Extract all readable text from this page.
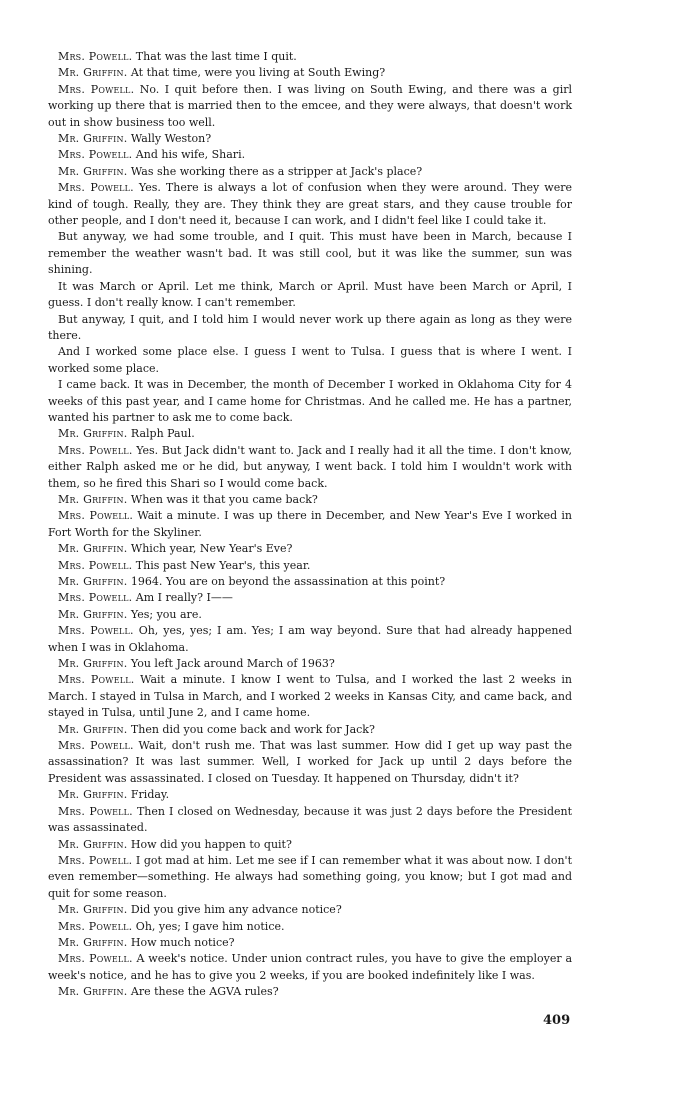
Mrs. Powell. That was the last time I quit.

Mr. Griffin. At that time, were you living at South Ewing?

Mrs. Powell. No. I quit before then. I was living on South Ewing, and there was a girl working up there that is married then to the emcee, and they were always, that doesn't work out in show business too well.

Mr. Griffin. Wally Weston?

Mrs. Powell. And his wife, Shari.

Mr. Griffin. Was she working there as a stripper at Jack's place?

Mrs. Powell. Yes. There is always a lot of confusion when they were around. They were kind of tough. Really, they are. They think they are great stars, and they cause trouble for other people, and I don't need it, because I can work, and I didn't feel like I could take it.

But anyway, we had some trouble, and I quit. This must have been in March, because I remember the weather wasn't bad. It was still cool, but it was like the summer, sun was shining.

It was March or April. Let me think, March or April. Must have been March or April, I guess. I don't really know. I can't remember.

But anyway, I quit, and I told him I would never work up there again as long as they were there.

And I worked some place else. I guess I went to Tulsa. I guess that is where I went. I worked some place.

I came back. It was in December, the month of December I worked in Oklahoma City for 4 weeks of this past year, and I came home for Christmas. And he called me. He has a partner, wanted his partner to ask me to come back.

Mr. Griffin. Ralph Paul.

Mrs. Powell. Yes. But Jack didn't want to. Jack and I really had it all the time. I don't know, either Ralph asked me or he did, but anyway, I went back. I told him I wouldn't work with them, so he fired this Shari so I would come back.

Mr. Griffin. When was it that you came back?

Mrs. Powell. Wait a minute. I was up there in December, and New Year's Eve I worked in Fort Worth for the Skyliner.

Mr. Griffin. Which year, New Year's Eve?

Mrs. Powell. This past New Year's, this year.

Mr. Griffin. 1964. You are on beyond the assassination at this point?

Mrs. Powell. Am I really? I——

Mr. Griffin. Yes; you are.

Mrs. Powell. Oh, yes, yes; I am. Yes; I am way beyond. Sure that had already happened when I was in Oklahoma.

Mr. Griffin. You left Jack around March of 1963?

Mrs. Powell. Wait a minute. I know I went to Tulsa, and I worked the last 2 weeks in March. I stayed in Tulsa in March, and I worked 2 weeks in Kansas City, and came back, and stayed in Tulsa, until June 2, and I came home.

Mr. Griffin. Then did you come back and work for Jack?

Mrs. Powell. Wait, don't rush me. That was last summer. How did I get up way past the assassination? It was last summer. Well, I worked for Jack up until 2 days before the President was assassinated. I closed on Tuesday. It happened on Thursday, didn't it?

Mr. Griffin. Friday.

Mrs. Powell. Then I closed on Wednesday, because it was just 2 days before the President was assassinated.

Mr. Griffin. How did you happen to quit?

Mrs. Powell. I got mad at him. Let me see if I can remember what it was about now. I don't even remember—something. He always had something going, you know; but I got mad and quit for some reason.

Mr. Griffin. Did you give him any advance notice?

Mrs. Powell. Oh, yes; I gave him notice.

Mr. Griffin. How much notice?

Mrs. Powell. A week's notice. Under union contract rules, you have to give the employer a week's notice, and he has to give you 2 weeks, if you are booked indefinitely like I was.

Mr. Griffin. Are these the AGVA rules?

409
